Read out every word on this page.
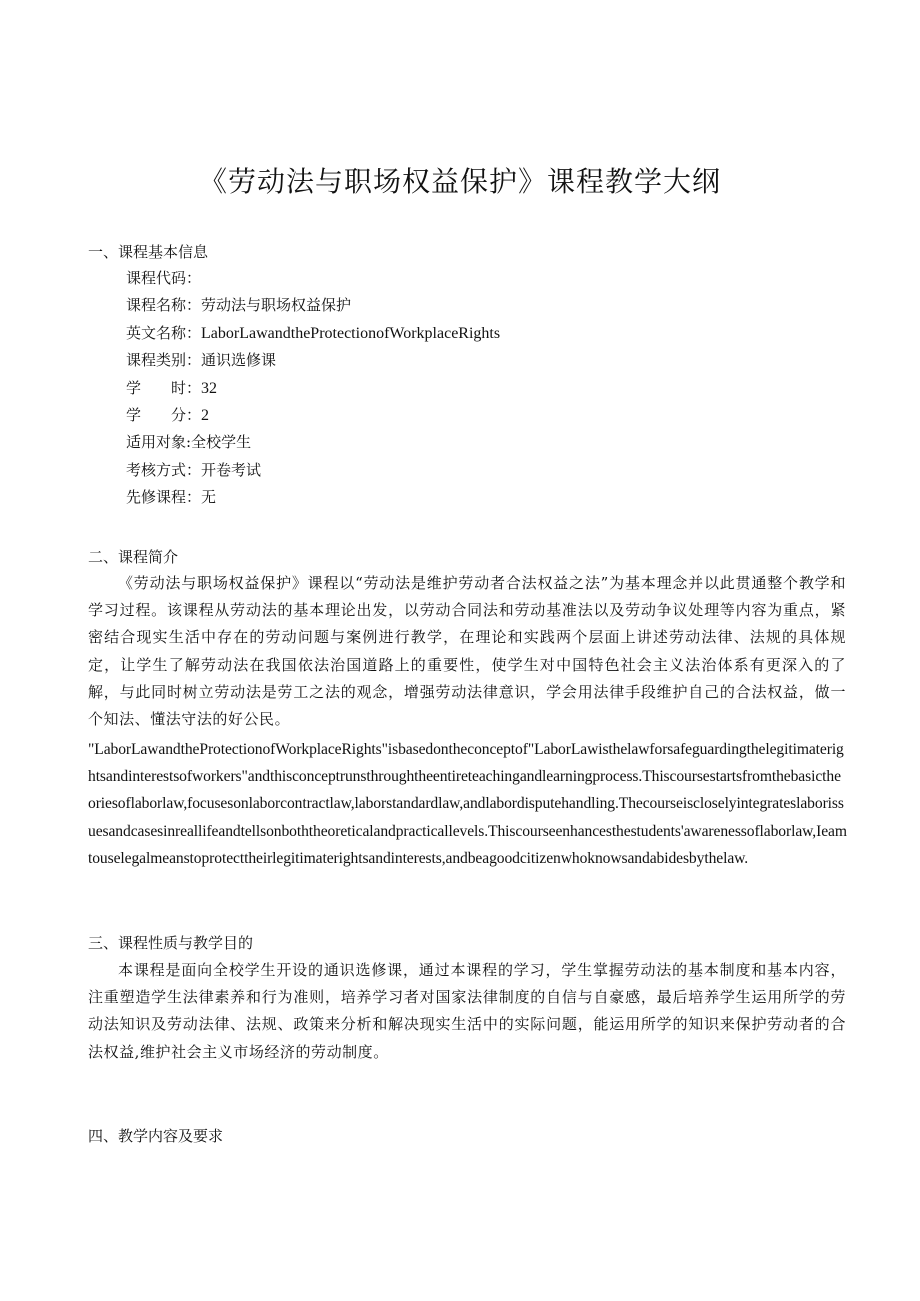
《劳动法与职场权益保护》课程教学大纲
一、课程基本信息
课程代码：
课程名称：劳动法与职场权益保护
英文名称：LaborLawandtheProtectionofWorkplaceRights
课程类别：通识选修课
学　　时：32
学　　分：2
适用对象:全校学生
考核方式：开卷考试
先修课程：无
二、课程简介

《劳动法与职场权益保护》课程以“劳动法是维护劳动者合法权益之法”为基本理念并以此贯通整个教学和学习过程。该课程从劳动法的基本理论出发，以劳动合同法和劳动基准法以及劳动争议处理等内容为重点，紧密结合现实生活中存在的劳动问题与案例进行教学，在理论和实践两个层面上讲述劳动法律、法规的具体规定，让学生了解劳动法在我国依法治国道路上的重要性，使学生对中国特色社会主义法治体系有更深入的了解，与此同时树立劳动法是劳工之法的观念，增强劳动法律意识，学会用法律手段维护自己的合法权益，做一个知法、懂法守法的好公民。

"LaborLawandtheProtectionofWorkplaceRights"isbasedontheconceptof"LaborLawisthelawforsafeguardingthelegitimaterightsandinterestsofworkers"andthisconceptrunsthroughtheentireteachingandlearningprocess.Thiscoursestartsfromthebasictheoriesoflaborlaw,focusesonlaborcontractlaw,laborstandardlaw,andlabordisputehandling.Thecourseiscloselyintegrateslaborissuesandcasesinreallifeandtellsonboththeoreticalandpracticallevels.Thiscourseenhancesthestudents'awarenessoflaborlaw,Ieamtouselegalmeanstoprotecttheirlegitimaterightsandinterests,andbeagoodcitizenwhoknowsandabidesbythelaw.

三、课程性质与教学目的

本课程是面向全校学生开设的通识选修课，通过本课程的学习，学生掌握劳动法的基本制度和基本内容，注重塑造学生法律素养和行为准则，培养学习者对国家法律制度的自信与自豪感，最后培养学生运用所学的劳动法知识及劳动法律、法规、政策来分析和解决现实生活中的实际问题，能运用所学的知识来保护劳动者的合法权益,维护社会主义市场经济的劳动制度。

四、教学内容及要求
